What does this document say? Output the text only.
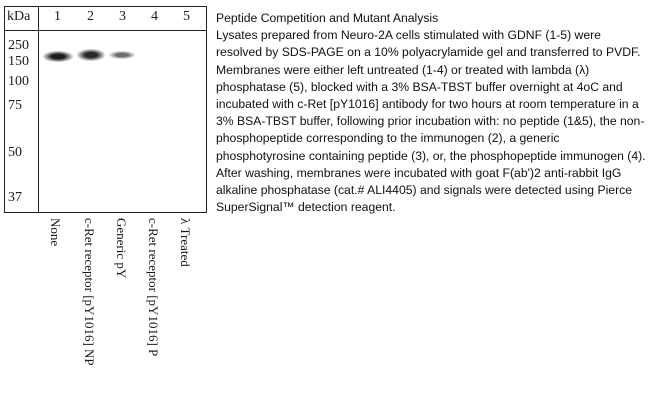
kDa 1 2 3 4 5
250
150
100
75
50
37
None c-Ret receptor [pY1016] NP Generic pY c-Ret receptor [pY1016] P λ Treated
Peptide Competition and Mutant Analysis
Lysates prepared from Neuro-2A cells stimulated with GDNF (1-5) were resolved by SDS-PAGE on a 10% polyacrylamide gel and transferred to PVDF. Membranes were either left untreated (1-4) or treated with lambda (λ) phosphatase (5), blocked with a 3% BSA-TBST buffer overnight at 4oC and incubated with c-Ret [pY1016] antibody for two hours at room temperature in a 3% BSA-TBST buffer, following prior incubation with: no peptide (1&5), the non-phosphopeptide corresponding to the immunogen (2), a generic phosphotyrosine containing peptide (3), or, the phosphopeptide immunogen (4). After washing, membranes were incubated with goat F(ab')2 anti-rabbit IgG alkaline phosphatase (cat.# ALI4405) and signals were detected using Pierce SuperSignal™ detection reagent.
